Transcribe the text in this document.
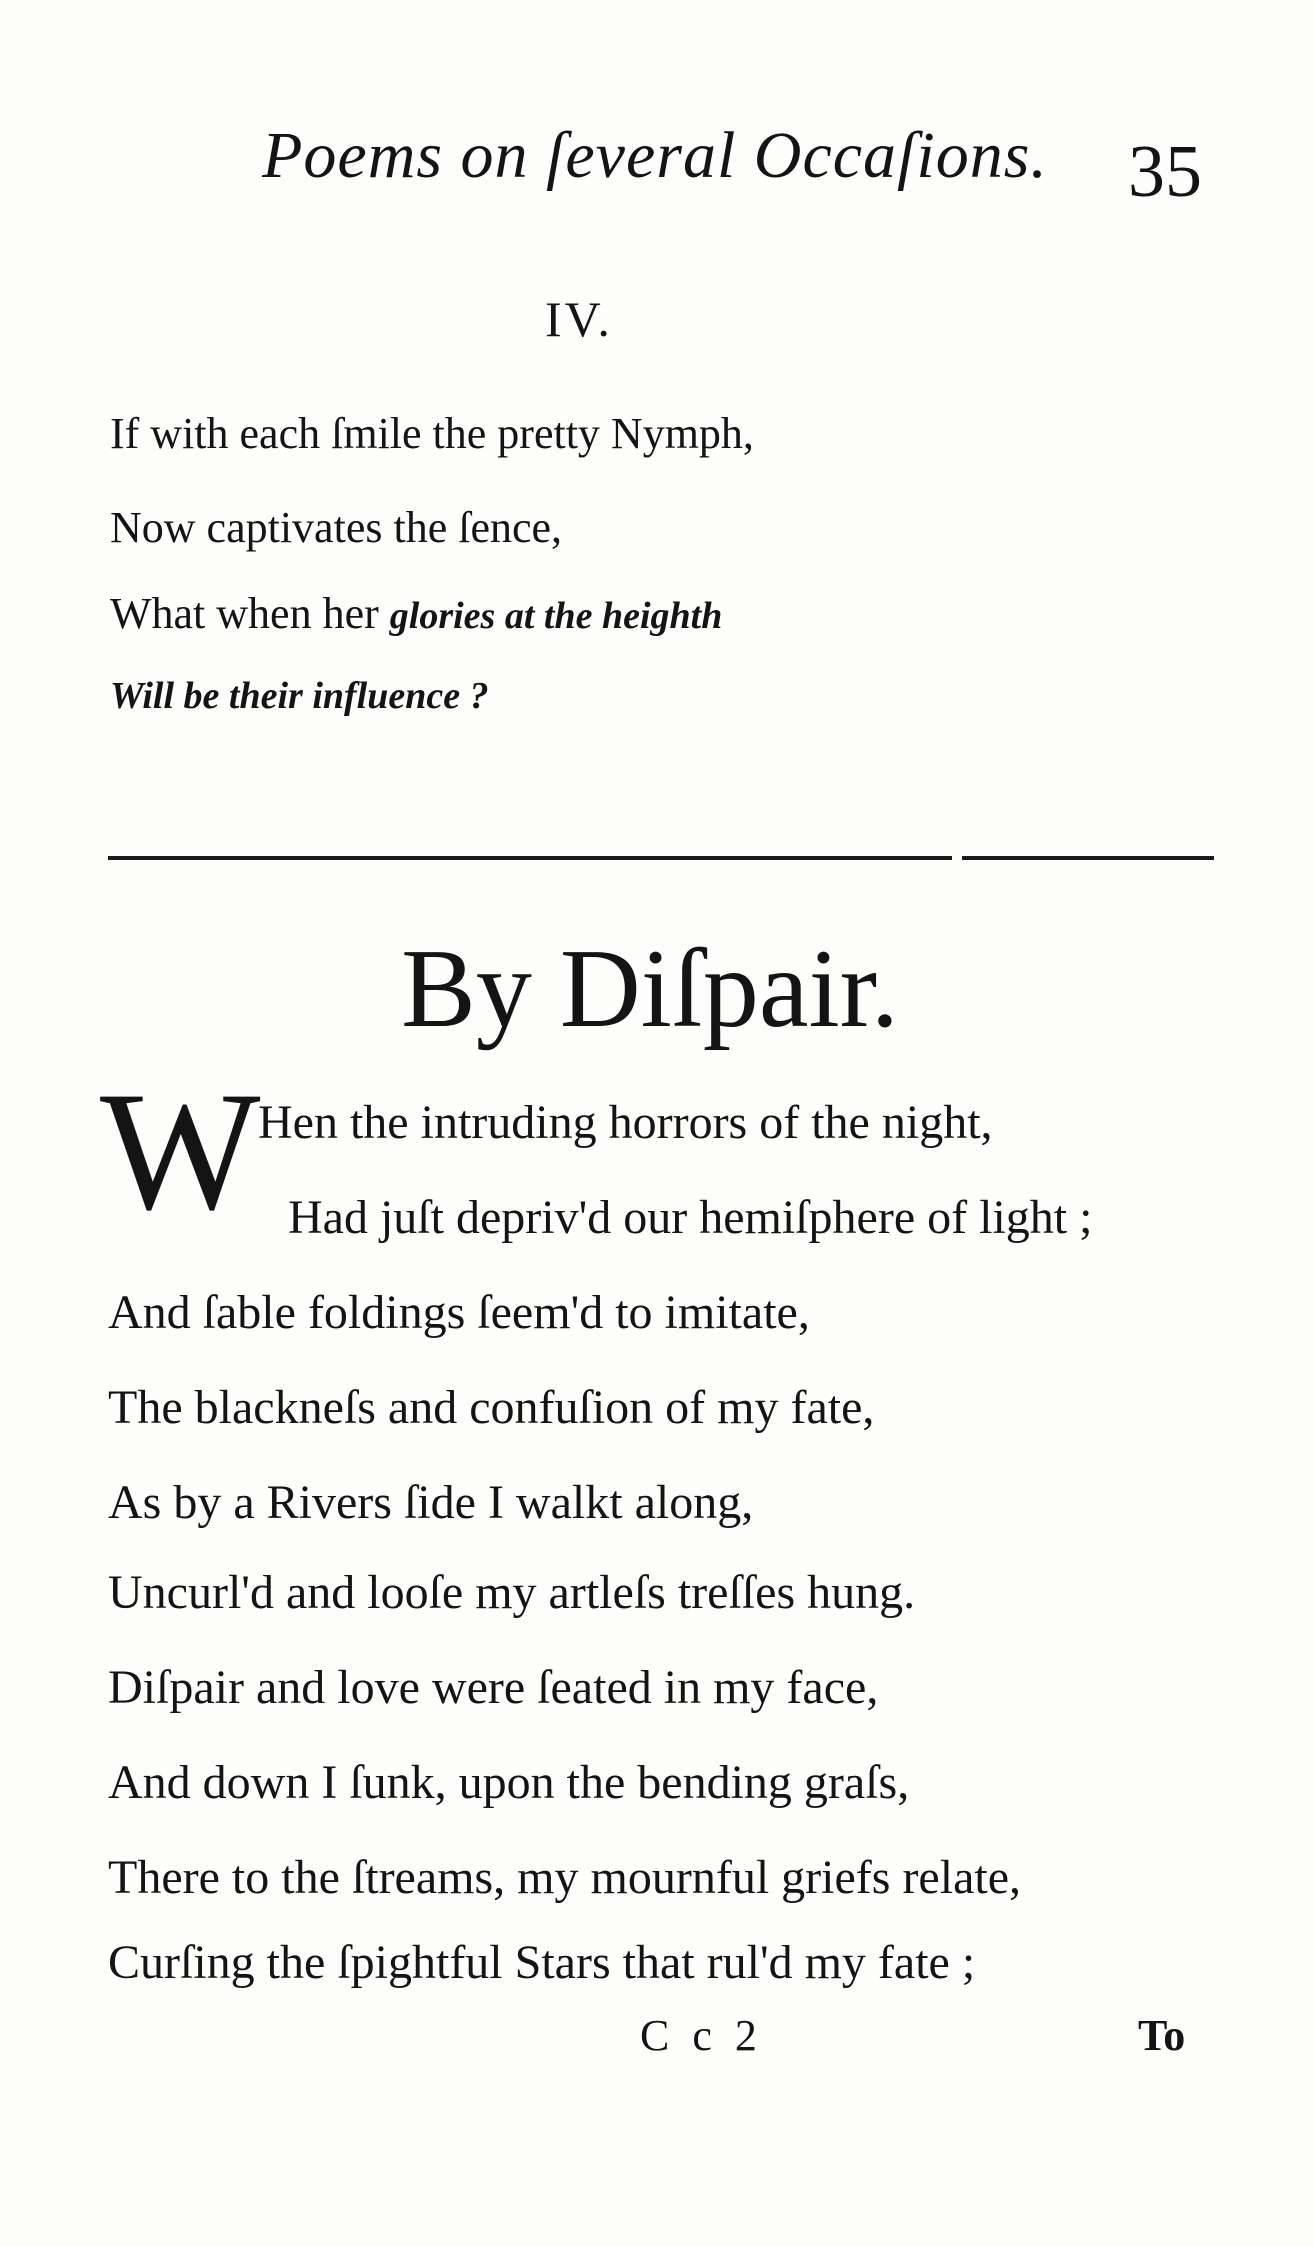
Poems on ſeveral Occaſions. 35
IV.
If with each ſmile the pretty Nymph,
Now captivates the ſence,
What when her glories at the heighth
Will be their influence ?
By Diſpair.
W
Hen the intruding horrors of the night,
Had juſt depriv'd our hemiſphere of light ;
And ſable foldings ſeem'd to imitate,
The blackneſs and confuſion of my fate,
As by a Rivers ſide I walkt along,
Uncurl'd and looſe my artleſs treſſes hung.
Diſpair and love were ſeated in my face,
And down I ſunk, upon the bending graſs,
There to the ſtreams, my mournful griefs relate,
Curſing the ſpightful Stars that rul'd my fate ;
C c 2	To
